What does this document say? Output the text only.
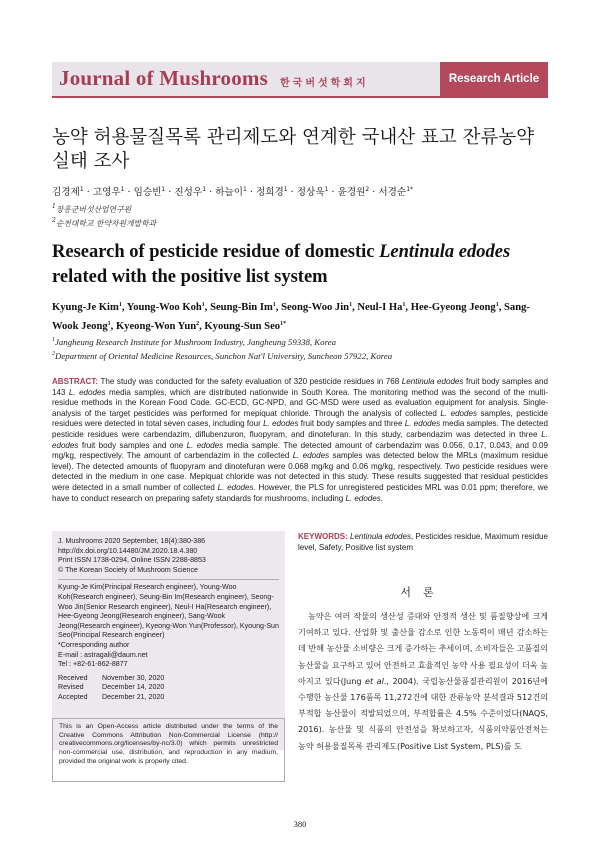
Journal of Mushrooms 한국버섯학회지	Research Article
농약 허용물질목록 관리제도와 연계한 국내산 표고 잔류농약
실태 조사
김경제$^1$ · 고영우$^1$ · 임승빈$^1$ · 진성우$^1$ · 하늘이$^1$ · 정희경$^1$ · 정상욱$^1$ · 윤경원$^2$ · 서경순$^{1*}$
$^1$장흥군버섯산업연구원
$^2$순천대학교 한약자원개발학과
Research of pesticide residue of domestic Lentinula edodes
related with the positive list system
Kyung-Je Kim$^1$, Young-Woo Koh$^1$, Seung-Bin Im$^1$, Seong-Woo Jin$^1$, Neul-I Ha$^1$, Hee-Gyeong Jeong$^1$, Sang-Wook Jeong$^1$, Kyeong-Won Yun$^2$, Kyoung-Sun Seo$^{1*}$
$^1$Jangheung Research Institute for Mushroom Industry, Jangheung 59338, Korea
$^2$Department of Oriental Medicine Resources, Sunchon Nat'l University, Suncheon 57922, Korea
ABSTRACT: The study was conducted for the safety evaluation of 320 pesticide residues in 768 Lentinula edodes fruit body samples and 143 L. edodes media samples, which are distributed nationwide in South Korea. The monitoring method was the second of the multi-residue methods in the Korean Food Code. GC-ECD, GC-NPD, and GC-MSD were used as evaluation equipment for analysis. Single-analysis of the target pesticides was performed for mepiquat chloride. Through the analysis of collected L. edodes samples, pesticide residues were detected in total seven cases, including four L. edodes fruit body samples and three L. edodes media samples. The detected pesticide residues were carbendazim, diflubenzuron, fluopyram, and dinotefuran. In this study, carbendazim was detected in three L. edodes fruit body samples and one L. edodes media sample. The detected amount of carbendazim was 0.056, 0.17, 0.043, and 0.09 mg/kg, respectively. The amount of carbendazim in the collected L. edodes samples was detected below the MRLs (maximum residue level). The detected amounts of fluopyram and dinotefuran were 0.068 mg/kg and 0.06 mg/kg, respectively. Two pesticide residues were detected in the medium in one case. Mepiquat chloride was not detected in this study. These results suggested that residual pesticides were detected in a small number of collected L. edodes. However, the PLS for unregistered pesticides MRL was 0.01 ppm; therefore, we have to conduct research on preparing safety standards for mushrooms, including L. edodes.
J. Mushrooms 2020 September, 18(4):380-386
http://dx.doi.org/10.14480/JM.2020.18.4.380
Print ISSN 1738-0294, Online ISSN 2288-8853
© The Korean Society of Mushroom Science
Kyung-Je Kim(Principal Research engineer), Young-Woo Koh(Research engineer), Seung-Bin Im(Research engineer), Seong-Woo Jin(Senior Research engineer), Neul-I Ha(Research engineer), Hee-Gyeong Jeong(Research engineer), Sang-Wook Jeong(Research engineer), Kyeong-Won Yun(Professor), Kyoung-Sun Seo(Principal Research engineer)
*Corresponding author
E-mail : astragali@daum.net
Tel : +82-61-862-8877
Received November 30, 2020
Revised	December 14, 2020
Accepted December 21, 2020
This is an Open-Access article distributed under the terms of the Creative Commons Attribution Non-Commercial License (http:// creativecommons.org/licenses/by-nc/3.0) which permits unrestricted non-commercial use, distribution, and reproduction in any medium, provided the original work is properly cited.
KEYWORDS: Lentinula edodes, Pesticides residue, Maximum residue level, Safety, Positive list system
서론
농약은 여러 작물의 생산성 증대와 안정적 생산 및 품질향상에 크게 기여하고 있다. 산업화 및 출산율 감소로 인한 노동력이 매년 감소하는데 반해 농산물 소비량은 크게 증가하는 추세이며, 소비자들은 고품질의 농산물을 요구하고 있어 안전하고 효율적인 농약 사용 필요성이 더욱 높아지고 있다(Jung et al., 2004). 국립농산물품질관리원이 2016년에 수행한 농산물 176품목 11,272건에 대한 잔류농약 분석결과 512건의 부적합 농산물이 적발되었으며, 부적합률은 4.5% 수준이었다(NAQS, 2016). 농산물 및 식품의 안전성을 확보하고자, 식품의약품안전처는 농약 허용물질목록 관리제도(Positive List System, PLS)를 도
380
